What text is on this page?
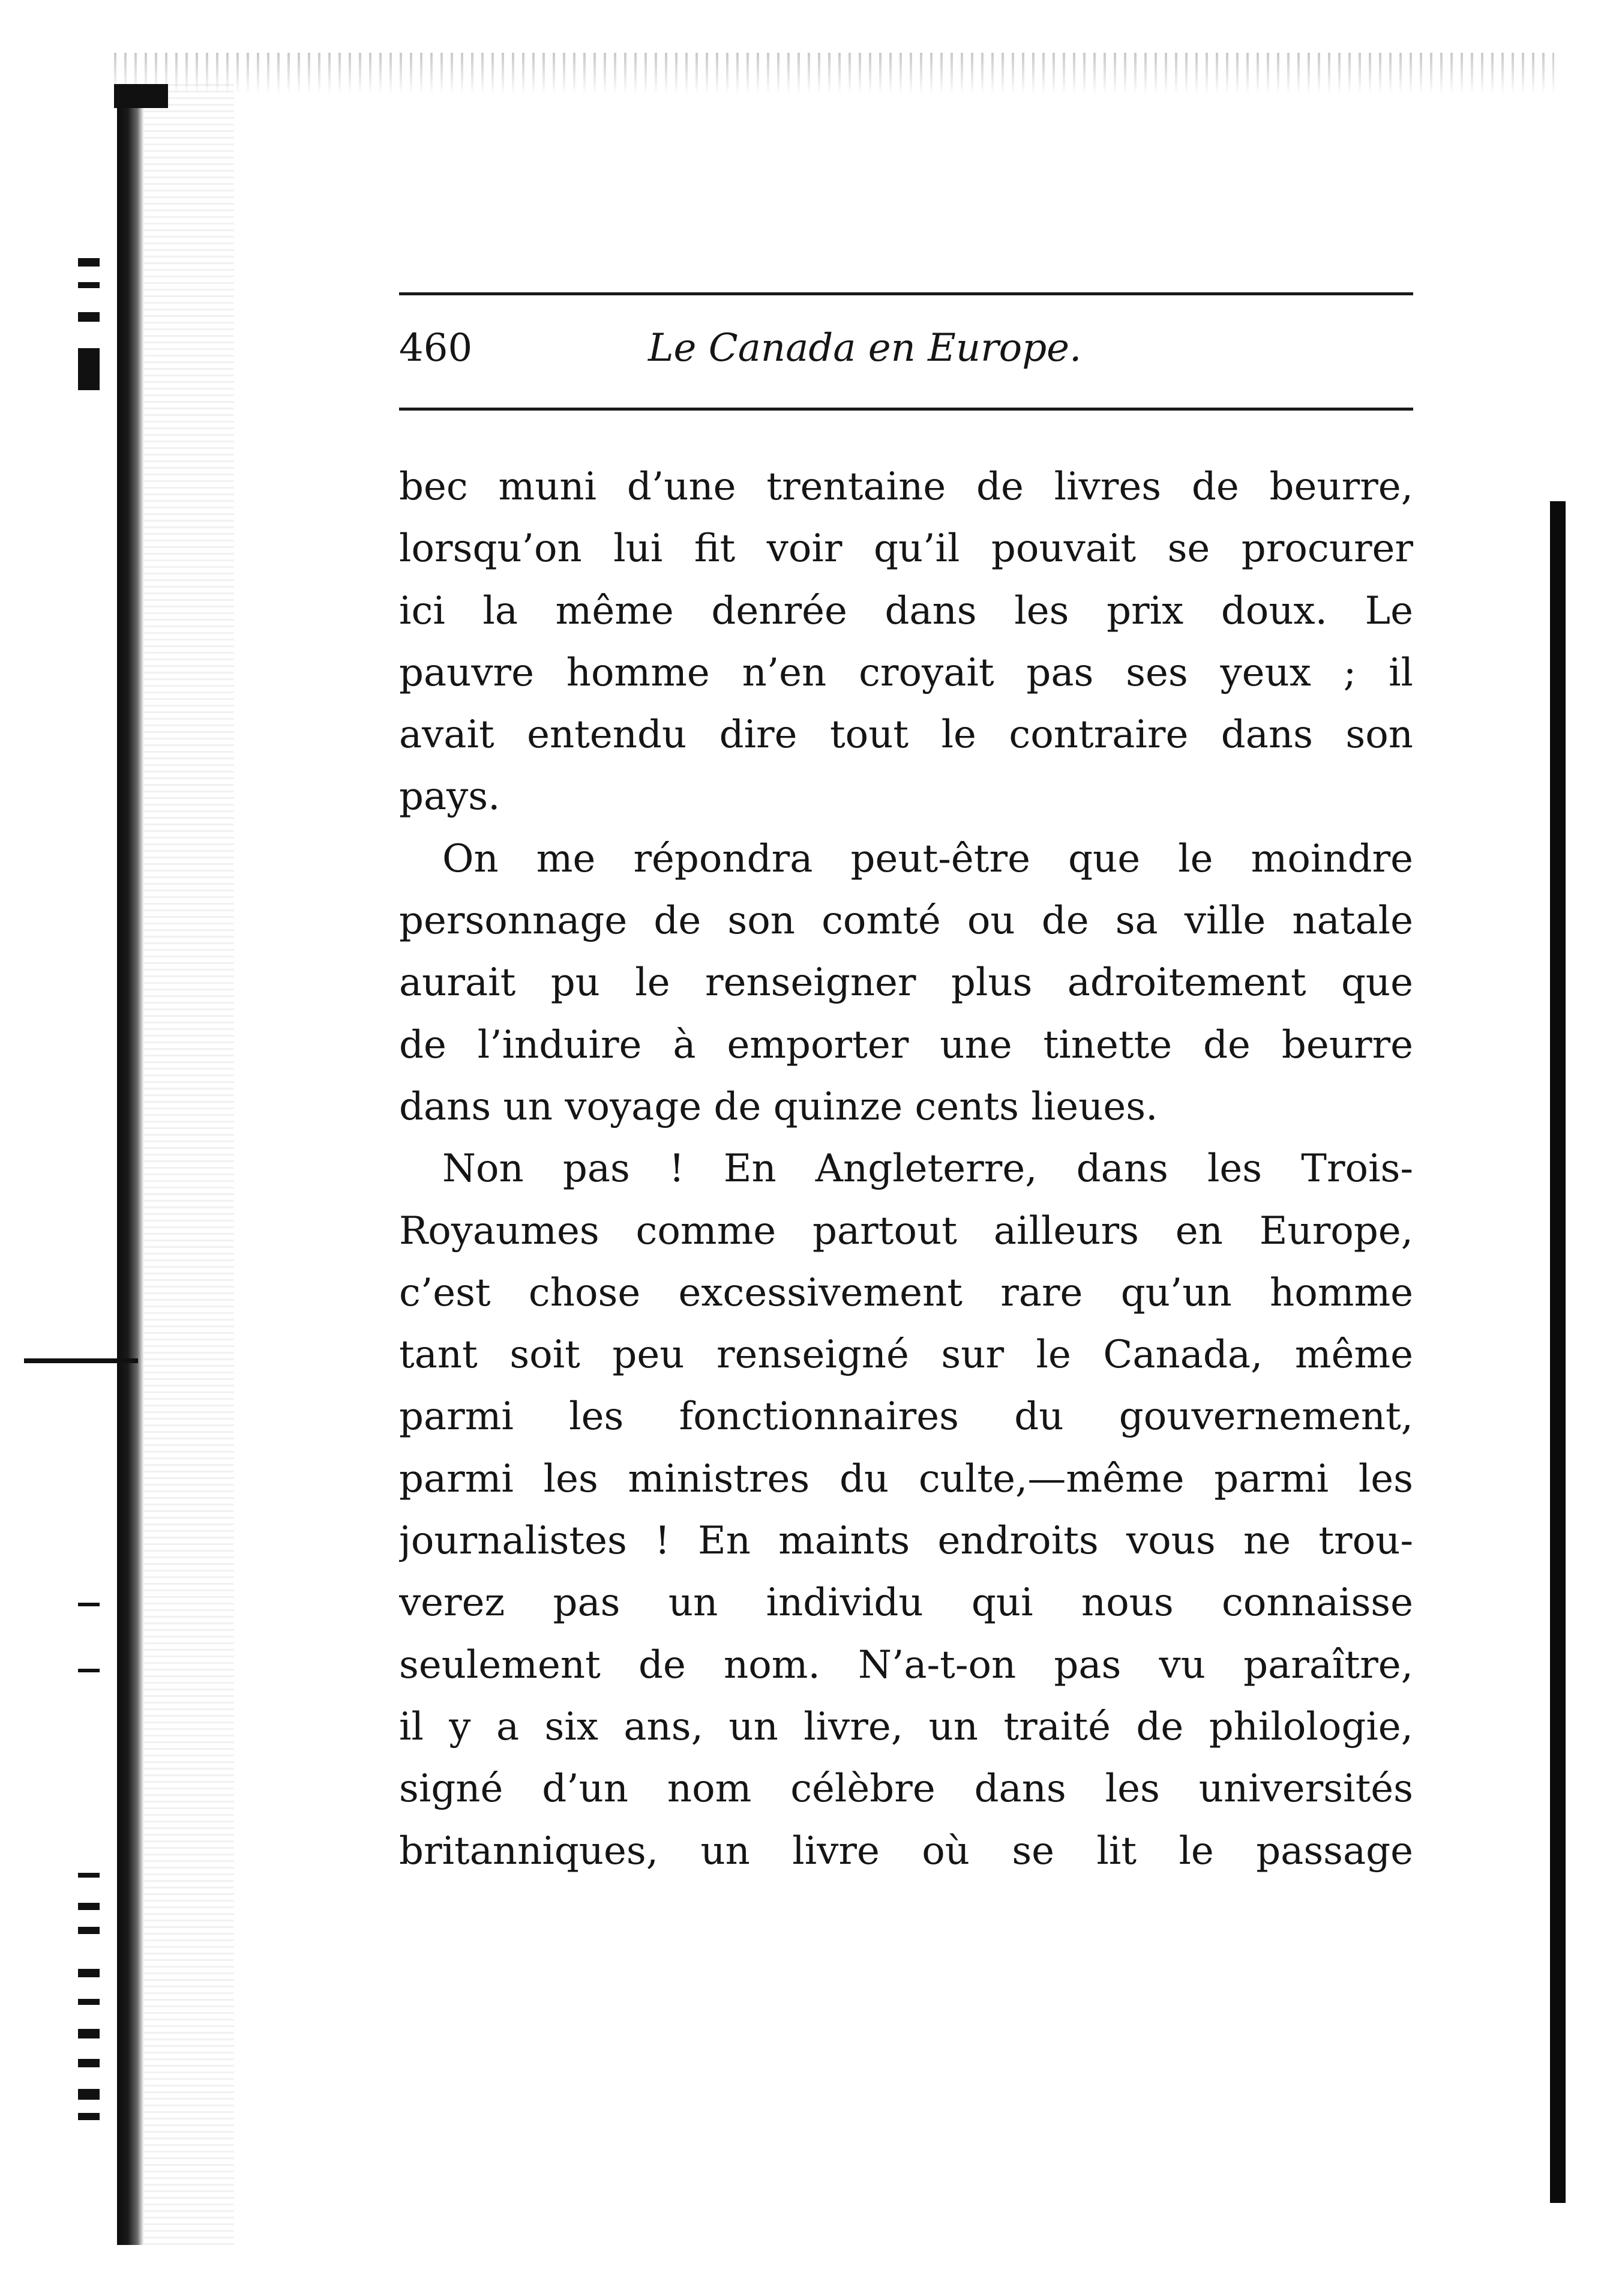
460	Le Canada en Europe.
bec muni d’une trentaine de livres de beurre,
lorsqu’on lui fit voir qu’il pouvait se procurer
ici la même denrée dans les prix doux. Le
pauvre homme n’en croyait pas ses yeux ; il
avait entendu dire tout le contraire dans son
pays.
On me répondra peut-être que le moindre
personnage de son comté ou de sa ville natale
aurait pu le renseigner plus adroitement que
de l’induire à emporter une tinette de beurre
dans un voyage de quinze cents lieues.
Non pas ! En Angleterre, dans les Trois-
Royaumes comme partout ailleurs en Europe,
c’est chose excessivement rare qu’un homme
tant soit peu renseigné sur le Canada, même
parmi les fonctionnaires du gouvernement,
parmi les ministres du culte,—même parmi les
journalistes ! En maints endroits vous ne trou-
verez pas un individu qui nous connaisse
seulement de nom. N’a-t-on pas vu paraître,
il y a six ans, un livre, un traité de philologie,
signé d’un nom célèbre dans les universités
britanniques, un livre où se lit le passage
